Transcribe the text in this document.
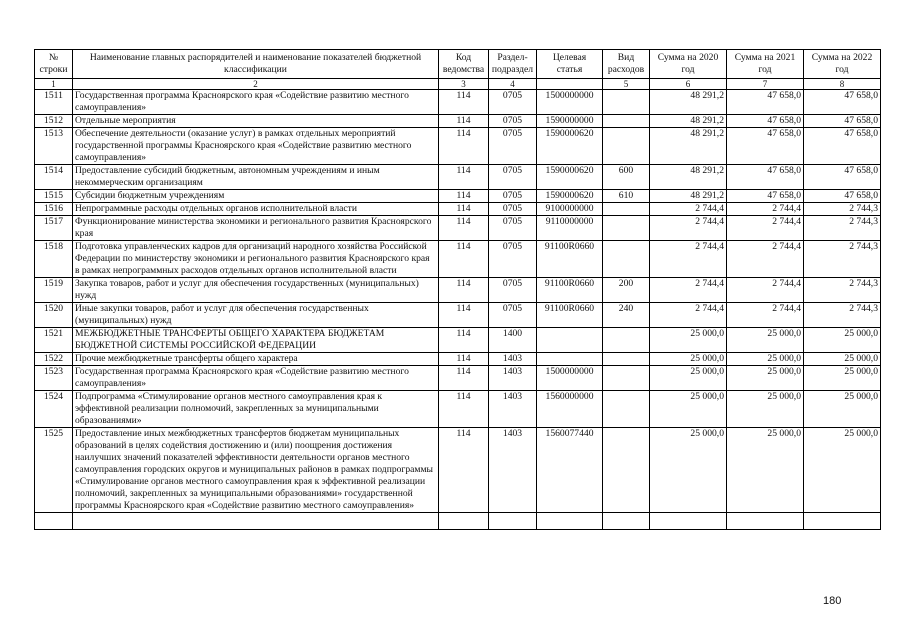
№
строки	Наименование главных распорядителей и наименование показателей бюджетной классификации	Код ведомства	Раздел-подраздел	Целевая статья	Вид расходов	Сумма на 2020 год	Сумма на 2021 год	Сумма на 2022 год
1	2	3	4		5	6	7	8
1511	Государственная программа Красноярского края «Содействие развитию местного самоуправления»	114	0705	1500000000		48 291,2	47 658,0	47 658,0
1512	Отдельные мероприятия	114	0705	1590000000		48 291,2	47 658,0	47 658,0
1513	Обеспечение деятельности (оказание услуг) в рамках отдельных мероприятий государственной программы Красноярского края «Содействие развитию местного самоуправления»	114	0705	1590000620		48 291,2	47 658,0	47 658,0
1514	Предоставление субсидий бюджетным, автономным учреждениям и иным некоммерческим организациям	114	0705	1590000620	600	48 291,2	47 658,0	47 658,0
1515	Субсидии бюджетным учреждениям	114	0705	1590000620	610	48 291,2	47 658,0	47 658,0
1516	Непрограммные расходы отдельных органов исполнительной власти	114	0705	9100000000		2 744,4	2 744,4	2 744,3
1517	Функционирование министерства экономики и регионального развития Красноярского края	114	0705	9110000000		2 744,4	2 744,4	2 744,3
1518	Подготовка управленческих кадров для организаций народного хозяйства Российской Федерации по министерству экономики и регионального развития Красноярского края в рамках непрограммных расходов отдельных органов исполнительной власти	114	0705	91100R0660		2 744,4	2 744,4	2 744,3
1519	Закупка товаров, работ и услуг для обеспечения государственных (муниципальных) нужд	114	0705	91100R0660	200	2 744,4	2 744,4	2 744,3
1520	Иные закупки товаров, работ и услуг для обеспечения государственных (муниципальных) нужд	114	0705	91100R0660	240	2 744,4	2 744,4	2 744,3
1521	МЕЖБЮДЖЕТНЫЕ ТРАНСФЕРТЫ ОБЩЕГО ХАРАКТЕРА БЮДЖЕТАМ БЮДЖЕТНОЙ СИСТЕМЫ РОССИЙСКОЙ ФЕДЕРАЦИИ	114	1400			25 000,0	25 000,0	25 000,0
1522	Прочие межбюджетные трансферты общего характера	114	1403			25 000,0	25 000,0	25 000,0
1523	Государственная программа Красноярского края «Содействие развитию местного самоуправления»	114	1403	1500000000		25 000,0	25 000,0	25 000,0
1524	Подпрограмма «Стимулирование органов местного самоуправления края к эффективной реализации полномочий, закрепленных за муниципальными образованиями»	114	1403	1560000000		25 000,0	25 000,0	25 000,0
1525	Предоставление иных межбюджетных трансфертов бюджетам муниципальных образований в целях содействия достижению и (или) поощрения достижения наилучших значений показателей эффективности деятельности органов местного самоуправления городских округов и муниципальных районов в рамках подпрограммы «Стимулирование органов местного самоуправления края к эффективной реализации полномочий, закрепленных за муниципальными образованиями» государственной программы Красноярского края «Содействие развитию местного самоуправления»	114	1403	1560077440		25 000,0	25 000,0	25 000,0

180
